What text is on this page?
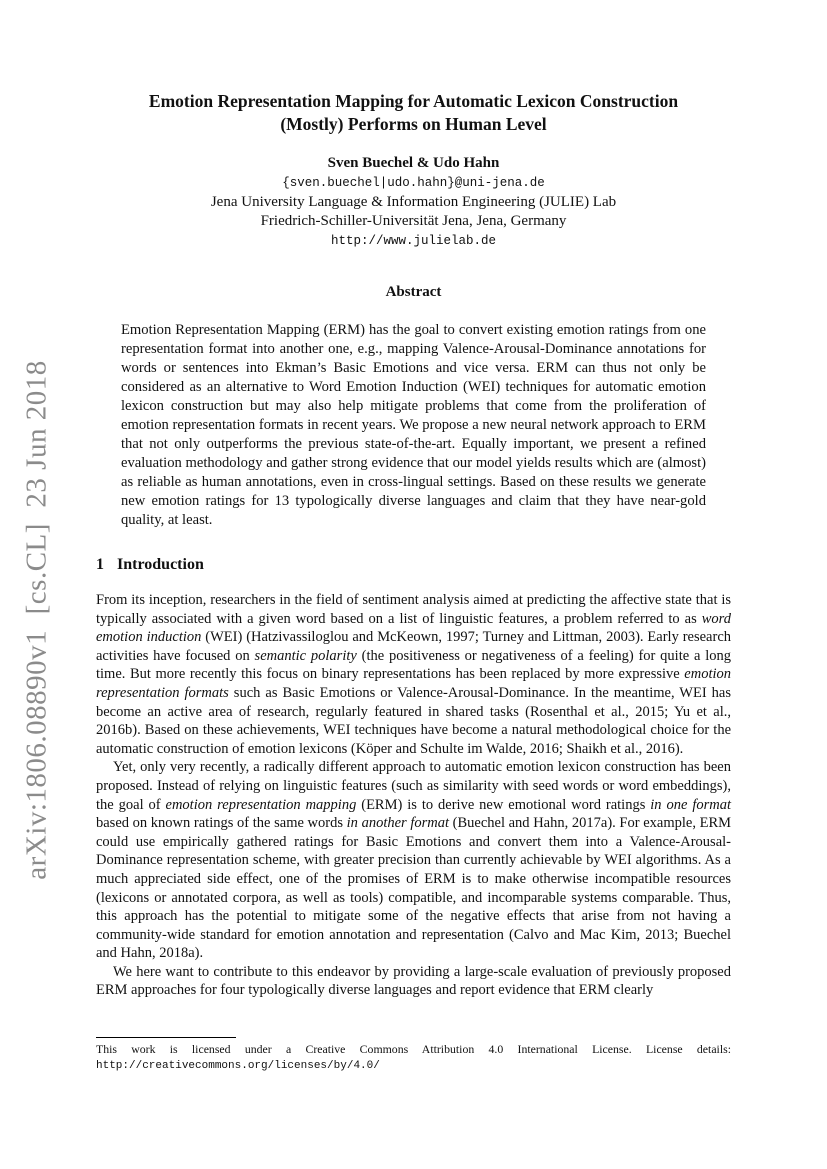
arXiv:1806.08890v1  [cs.CL]  23 Jun 2018
Emotion Representation Mapping for Automatic Lexicon Construction
(Mostly) Performs on Human Level
Sven Buechel & Udo Hahn
{sven.buechel|udo.hahn}@uni-jena.de
Jena University Language & Information Engineering (JULIE) Lab
Friedrich-Schiller-Universität Jena, Jena, Germany
http://www.julielab.de
Abstract
Emotion Representation Mapping (ERM) has the goal to convert existing emotion ratings from one representation format into another one, e.g., mapping Valence-Arousal-Dominance annotations for words or sentences into Ekman’s Basic Emotions and vice versa. ERM can thus not only be considered as an alternative to Word Emotion Induction (WEI) techniques for automatic emotion lexicon construction but may also help mitigate problems that come from the proliferation of emotion representation formats in recent years. We propose a new neural network approach to ERM that not only outperforms the previous state-of-the-art. Equally important, we present a refined evaluation methodology and gather strong evidence that our model yields results which are (almost) as reliable as human annotations, even in cross-lingual settings. Based on these results we generate new emotion ratings for 13 typologically diverse languages and claim that they have near-gold quality, at least.
1 Introduction

From its inception, researchers in the field of sentiment analysis aimed at predicting the affective state that is typically associated with a given word based on a list of linguistic features, a problem referred to as word emotion induction (WEI) (Hatzivassiloglou and McKeown, 1997; Turney and Littman, 2003). Early research activities have focused on semantic polarity (the positiveness or negativeness of a feeling) for quite a long time. But more recently this focus on binary representations has been replaced by more expressive emotion representation formats such as Basic Emotions or Valence-Arousal-Dominance. In the meantime, WEI has become an active area of research, regularly featured in shared tasks (Rosenthal et al., 2015; Yu et al., 2016b). Based on these achievements, WEI techniques have become a natural methodological choice for the automatic construction of emotion lexicons (Köper and Schulte im Walde, 2016; Shaikh et al., 2016).

Yet, only very recently, a radically different approach to automatic emotion lexicon construction has been proposed. Instead of relying on linguistic features (such as similarity with seed words or word embeddings), the goal of emotion representation mapping (ERM) is to derive new emotional word ratings in one format based on known ratings of the same words in another format (Buechel and Hahn, 2017a). For example, ERM could use empirically gathered ratings for Basic Emotions and convert them into a Valence-Arousal-Dominance representation scheme, with greater precision than currently achievable by WEI algorithms. As a much appreciated side effect, one of the promises of ERM is to make otherwise incompatible resources (lexicons or annotated corpora, as well as tools) compatible, and incomparable systems comparable. Thus, this approach has the potential to mitigate some of the negative effects that arise from not having a community-wide standard for emotion annotation and representation (Calvo and Mac Kim, 2013; Buechel and Hahn, 2018a).

We here want to contribute to this endeavor by providing a large-scale evaluation of previously proposed ERM approaches for four typologically diverse languages and report evidence that ERM clearly

This work is licensed under a Creative Commons Attribution 4.0 International License. License details: http://creativecommons.org/licenses/by/4.0/
